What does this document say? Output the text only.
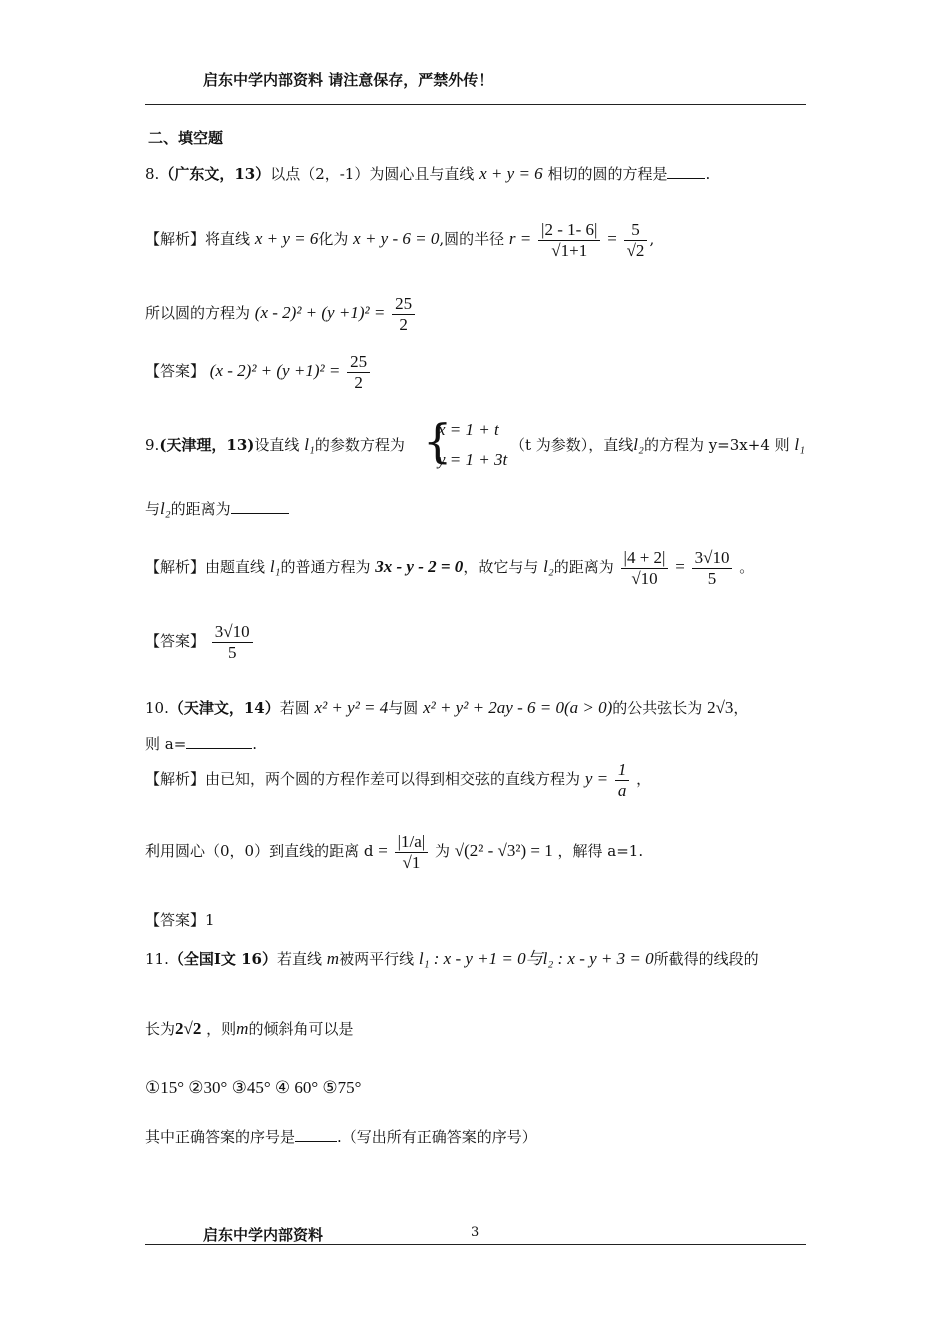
启东中学内部资料 请注意保存，严禁外传！
二、填空题
8.（广东文，13）以点（2，-1）为圆心且与直线 x + y = 6 相切的圆的方程是	.
【解析】将直线 x + y = 6化为 x + y - 6 = 0,圆的半径 $r = \frac{|2 - 1- 6|}{√1+1} = \frac{5}{√2}$ ,
所以圆的方程为 $(x - 2)^2 + (y +1)^2 = \frac{25}{2}$
【答案】 $(x - 2)^2 + (y +1)^2 = \frac{25}{2}$
9.(天津理，13)设直线 l₁的参数方程为 {
x = 1 + t
y = 1 + 3t
（t 为参数），直线l₂的方程为 y=3x+4 则 l₁
与l₂的距离为
【解析】由题直线 l₁的普通方程为 3x - y - 2 = 0，故它与与 l₂的距离为 $\frac{|4 + 2|}{√10} = \frac{3√10}{5}$ 。
【答案】 $\frac{3√10}{5}$
10.（天津文，14）若圆 x² + y² = 4与圆 x² + y² + 2ay - 6 = 0(a > 0)的公共弦长为 2√3，
则 a=	.
【解析】由已知，两个圆的方程作差可以得到相交弦的直线方程为 $y = \frac{1}{a}$ ，
利用圆心（0，0）到直线的距离 $d = \frac{|1/a|}{√1}$ 为 √(2² - √3²) = 1 ，解得 a=1.
【答案】1
11.（全国Ⅰ文 16）若直线 m被两平行线 l₁ : x - y +1 = 0与l₂ : x - y + 3 = 0所截得的线段的
长为2√2 ，则m的倾斜角可以是
①15° ②30° ③45° ④ 60° ⑤75°
其中正确答案的序号是	.（写出所有正确答案的序号）
启东中学内部资料	3
